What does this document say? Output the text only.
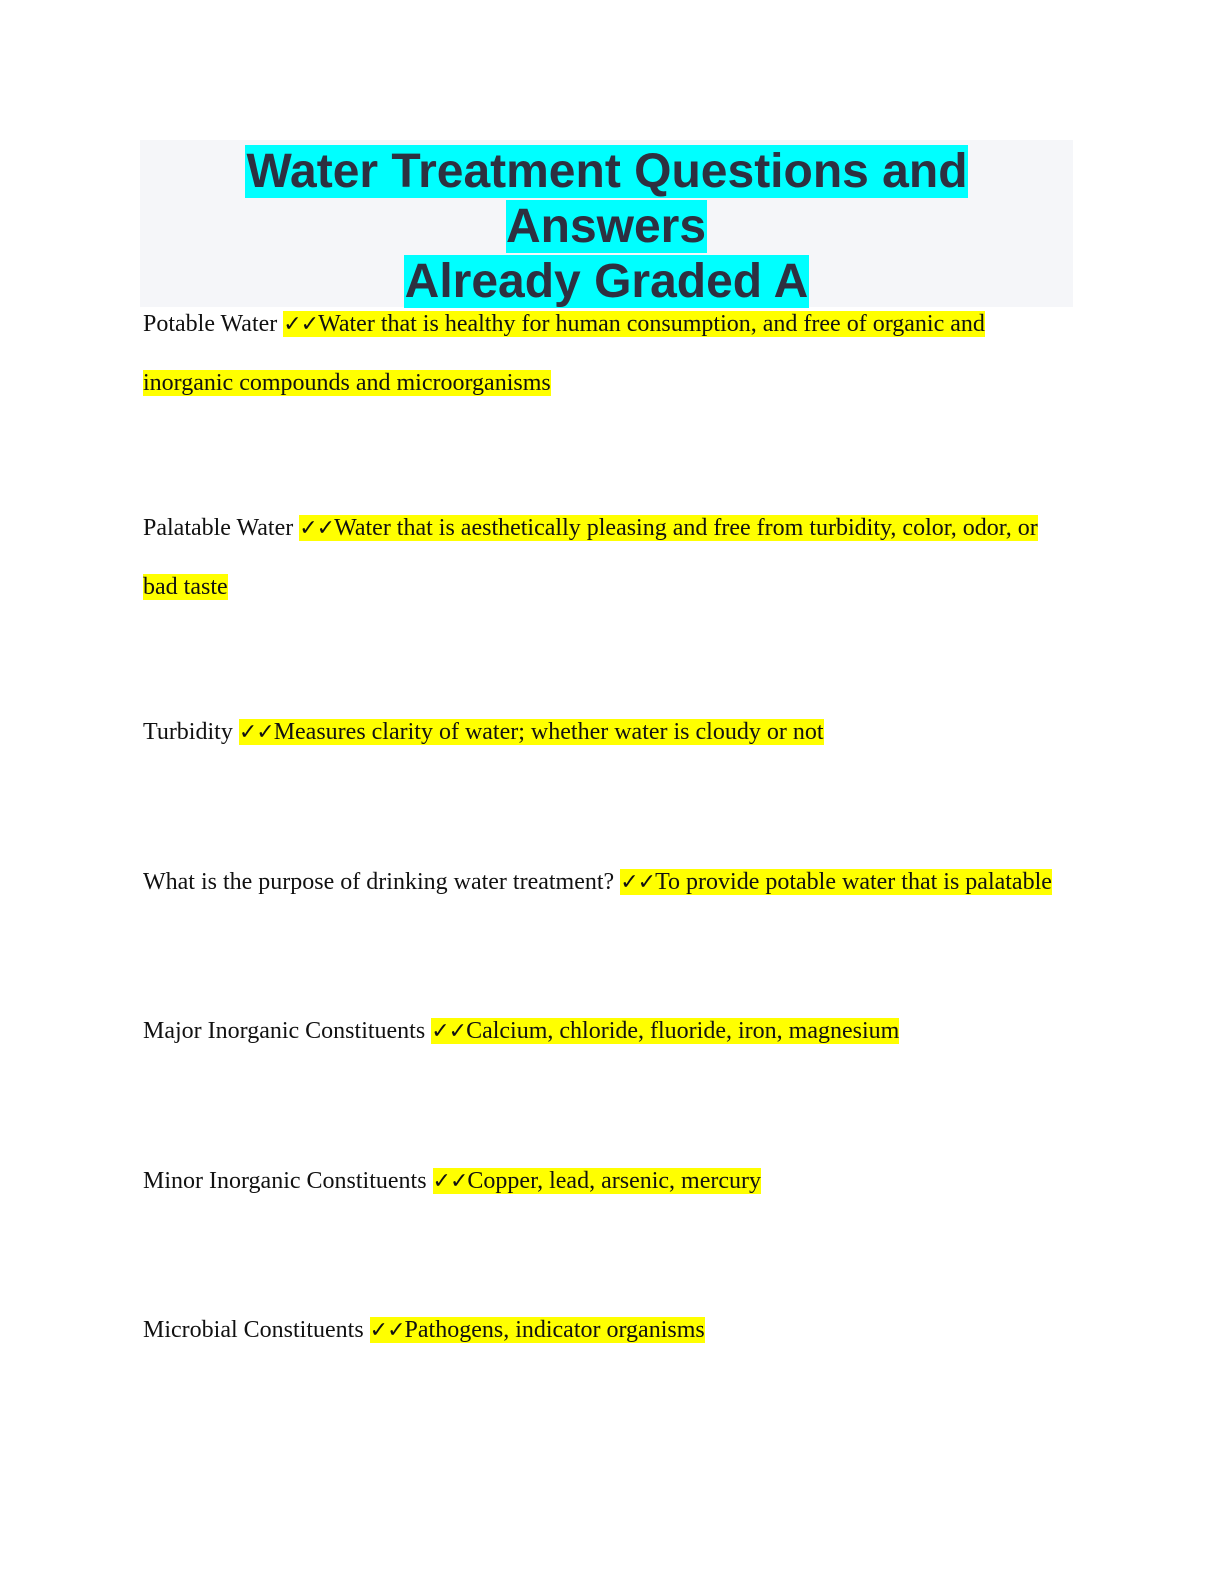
Water Treatment Questions and Answers
Already Graded A

Potable Water ✓✓Water that is healthy for human consumption, and free of organic and inorganic compounds and microorganisms

Palatable Water ✓✓Water that is aesthetically pleasing and free from turbidity, color, odor, or bad taste

Turbidity ✓✓Measures clarity of water; whether water is cloudy or not

What is the purpose of drinking water treatment? ✓✓To provide potable water that is palatable

Major Inorganic Constituents ✓✓Calcium, chloride, fluoride, iron, magnesium

Minor Inorganic Constituents ✓✓Copper, lead, arsenic, mercury

Microbial Constituents ✓✓Pathogens, indicator organisms
